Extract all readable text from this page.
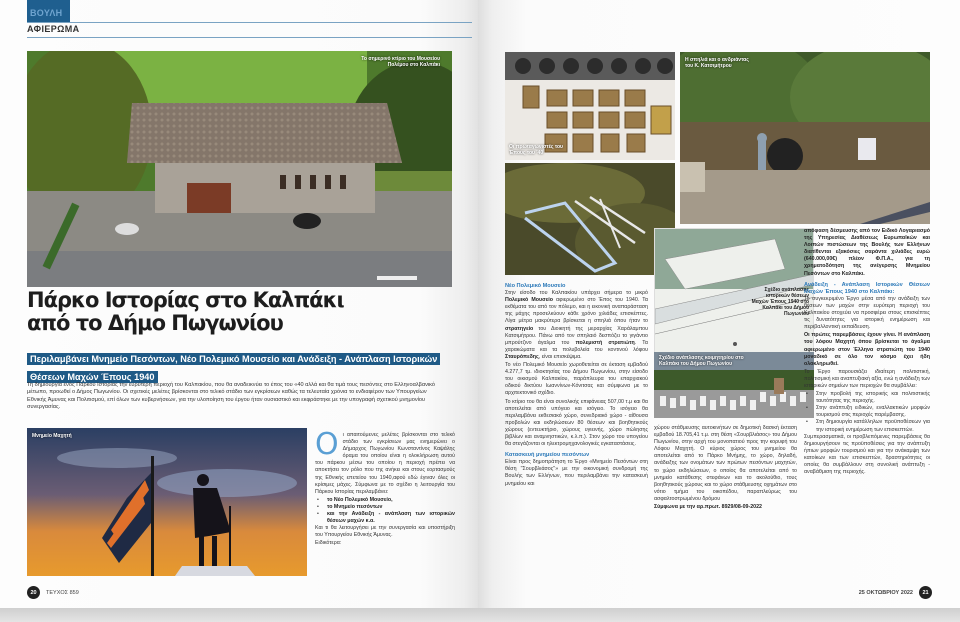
ΒΟΥΛΗ
ΑΦΙΕΡΩΜΑ
Το σημερινό κτίριο του Μουσείου Πολέμου στο Καλπάκι
Πάρκο Ιστορίας στο Καλπάκι
από το Δήμο Πωγωνίου
Περιλαμβάνει Μνημείο Πεσόντων, Νέο Πολεμικό Μουσείο και Ανάδειξη - Ανάπλαση Ιστορικών Θέσεων Μαχών Έπους 1940
Τη δημιουργία ενός Πάρκου Ιστορίας την ευρύτερη περιοχή του Καλπακίου, που θα αναδεικνύει το έπος του «40 αλλά και θα τιμά τους πεσόντες στο Ελληνοαλβανικό μέτωπο, προωθεί ο Δήμος Πωγωνίου. Οι σχετικές μελέτες βρίσκονται στο τελικό στάδιο των εγκρίσεων καθώς τα τελευταία χρόνια το ενδιαφέρον των Υπουργείων Εθνικής Άμυνας και Πολιτισμού, επί όλων των κυβερνήσεων, για την υλοποίηση του έργου ήταν ουσιαστικό και εκφράστηκε με την υπογραφή σχετικού μνημονίου συνεργασίας.
Μνημείο Μαχητή	Οι απαιτούμενες μελέτες βρίσκονται στο τελικό στάδιο των εγκρίσεων μας ενημερώνει ο Δήμαρχος Πωγωνίου Κωνσταντίνος Καψάλης όραμα του οποίου είναι η ολοκλήρωση αυτού του πάρκου μέσω του οποίου η περιοχή πρέπει να αποκτήσει τον ρόλο που της ανήκει και στους εορτασμούς της Εθνικής επετείου του 1940,αφού εδώ έγιναν όλες οι κρίσιμες μάχες. Σύμφωνα με το σχέδιο η λειτουργία του Πάρκου Ιστορίας περιλαμβάνει:

• το Νέο Πολεμικό Μουσείο,
• το Μνημείο πεσόντων
• και την Ανάδειξη - ανάπλαση των ιστορικών θέσεων μαχών κ.α.

Και τι θα λειτουργήσει με την συνεργασία και υποστήριξη του Υπουργείου Εθνικής Άμυνας.

Ειδικότερα:

20	ΤΕΥΧΟΣ 859
Οι πρωταγωνιστές του Έπους του '40
Η σπηλιά και ο ανδριάντας του Κ. Κατσιμήτρου
Σχέδιο ανάπλασης ιστορικών θέσεων Μαχών Έπους 1940 στο Καλπάκι του Δήμου Πωγωνίου
Σχέδιο ανάπλασης κοιμητηρίου στο Καλπάκι του Δήμου Πωγωνίου
Νέο Πολεμικό Μουσείο

Στην είσοδο του Καλπακίου υπάρχει σήμερα το μικρό Πολεμικό Μουσείο αφιερωμένο στο Έπος του 1940. Τα εκθέματα του από τον πόλεμο, και η εικονική αναπαράσταση της μάχης προσελκύουν κάθε χρόνο χιλιάδες επισκέπτες. Λίγα μέτρα μακρύτερα βρίσκεται η σπηλιά όπου ήταν το στρατηγείο του Διοικητή της μεραρχίας Χαράλαμπου Κατσιμήτρου. Πάνω από τον σπηλαιό δεσπόζει το γιγάντιο μπρούτζινο άγαλμα του πολεμιστή στρατιώτη. Τα χαρακώματα και τα πολυβολεία του κοντινού λόφου Σταυρόπεδης, είναι επισκέψιμα.

Το νέο Πολεμικό Μουσείο χωροθετείται σε έκταση εμβαδού 4.277,7 τμ. ιδιοκτησίας του Δήμου Πωγωνίου, στην είσοδο του οικισμού Καλπακίου, παράπλευρα του επαρχιακού οδικού δικτύου Ιωαννίνων-Κόνιτσας και σύμφωνα με το αρχιτεκτονικό σχέδιο.

Το κτίριο του θα είναι συνολικής επιφάνειας 507,00 τ.μ και θα αποτελείται από υπόγειο και ισόγειο. Το ισόγειο θα περιλαμβάνει εκθεσιακό χώρο, συνεδριακό χώρο - αίθουσα προβολών και εκδηλώσεων 80 θέσεων και βοηθητικούς χώρους (εντευκτήριο, χώρους υγιεινής, χώρο πώλησης βιβλίων και αναμνηστικών, κ.λ.π.). Στον χώρο του υπογείου θα στεγάζονται οι ηλεκτρομηχανολογικές εγκαταστάσεις.

Κατασκευή μνημείου πεσόντων

Είναι προς δημοπράτηση το Έργο «Μνημείο Πεσόντων στη θέση "Σουρβλιάσος"» με την οικονομική συνδρομή της Βουλής των Ελλήνων, που περιλαμβάνει την κατασκευή μνημείου και

χώρου στάθμευσης αυτοκινήτων σε δημοτική δασική έκταση εμβαδού 18.705,41 τ.μ. στη θέση «Σουρβλιάσος» του Δήμου Πωγωνίου, στην αρχή του μονοπατιού προς την κορυφή του Λόφου Μαχητή. Ο κύριος χώρος του μνημείου θα αποτελείται από το Πάρκο Μνήμης, το χώρο, δηλαδή, ανάδειξης των ονομάτων των πρώτων πεσόντων μαχητών, το χώρο εκδηλώσεων, ο οποίος θα αποτελείται από το μνημείο κατάθεσης στεφάνων και το ακολούθιο, τους βοηθητικούς χώρους και το χώρο στάθμευσης οχημάτων στο νότιο τμήμα του οικοπέδου, παραπλεύρως του ασφαλτοστρωμένου δρόμου

Σύμφωνα με την αρ.πρωτ. 8929/08-09-2022

απόφαση δέσμευσης από τον Ειδικό Λογαριασμό της Υπηρεσίας Διαθέσεως Ευρωπαϊκών και Λοιπών πιστώσεων της Βουλής των Ελλήνων διατίθενται εξακόσιες σαράντα χιλιάδες ευρώ (640.000,00€) πλέον Φ.Π.Α., για τη χρηματοδότηση της ανέγερσης Μνημείου Πεσόντων στο Καλπάκι.

Ανάδειξη - Ανάπλαση Ιστορικών Θέσεων Μαχών Έπους 1940 στο Καλπάκι:

Το συγκεκριμένο Έργο μέσα από την ανάδειξη των θέσεων των μαχών στην ευρύτερη περιοχή του Καλπακίου στοχεύει να προσφέρει στους επισκέπτες τις δυνατότητες για ιστορική ενημέρωση και περιβαλλοντική εκπαίδευση.

Οι πρώτες παρεμβάσεις έχουν γίνει. Η ανάπλαση του λόφου Μαχητή όπου βρίσκεται το άγαλμα αφιερωμένο στον Έλληνα στρατιώτη του 1940 μοναδικό σε όλο τον κόσμο έχει ήδη ολοκληρωθεί.

Το Έργο παρουσιάζει ιδιαίτερη πολιτιστική, πολιτισμική και αναπτυξιακή αξία, ενώ η ανάδειξη των ιστορικών σημείων των περιοχών θα συμβάλλει:

• Στην προβολή της ιστορικής και πολιτιστικής ταυτότητας της περιοχής.
• Στην ανάπτυξη ειδικών, εναλλακτικών μορφών τουρισμού στις περιοχές παρέμβασης.
• Στη δημιουργία κατάλληλων προϋποθέσεων για την ιστορική ενημέρωση των επισκεπτών.

Συμπερασματικά, οι προβλεπόμενες παρεμβάσεις θα δημιουργήσουν τις προϋποθέσεις για την ανάπτυξη ήπιων μορφών τουρισμού και για την ανάκαμψη των κατοίκων και των επισκεπτών, δραστηριότητες οι οποίες θα συμβάλλουν στη συνολική ανάπτυξη - αναβάθμιση της περιοχής.

25 ΟΚΤΩΒΡΙΟΥ 2022	21
